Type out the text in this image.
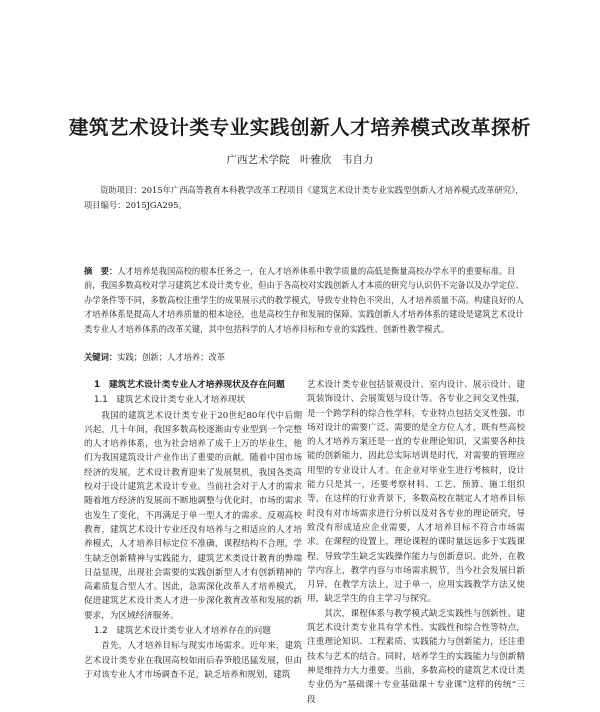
建筑艺术设计类专业实践创新人才培养模式改革探析
广西艺术学院　叶雅欣　韦自力
资助项目：2015年广西高等教育本科教学改革工程项目《建筑艺术设计类专业实践型创新人才培养模式改革研究》，项目编号：2015JGA295。
摘　要：人才培养是我国高校的根本任务之一，在人才培养体系中教学质量的高低是衡量高校办学水平的重要标准。目前，我国多数高校对学习建筑艺术设计类专业，但由于各高校对实践创新人才本质的研究与认识仍不完备以及办学定位、办学条件等不同，多数高校注重学生的成果展示式的教学模式，导致专业特色不突出，人才培养质量不高。构建良好的人才培养体系是提高人才培养质量的根本途径，也是高校生存和发展的保障。实践创新人才培养体系的建设是建筑艺术设计类专业人才培养体系的改革关键，其中包括科学的人才培养目标和专业的实践性、创新性教学模式。
关键词：实践；创新；人才培养；改革
1　建筑艺术设计类专业人才培养现状及存在问题
1.1　建筑艺术设计类专业人才培养现状

我国的建筑艺术设计类专业于20世纪80年代中后期兴起，几十年间，我国多数高校逐渐由专业型到一个完整的人才培养体系，也为社会培养了成千上万的毕业生，他们为我国建筑设计产业作出了重要的贡献。随着中国市场经济的发展，艺术设计教育迎来了发展契机，我国各类高校对于设计建筑艺术设计专业。当前社会对于人才的需求随着地方经济的发展而不断地调整与优化时，市场的需求也发生了变化，不再满足于单一型人才的需求。反观高校教育，建筑艺术设计专业还没有培养与之相适应的人才培养模式，人才培养目标定位不准确，课程结构不合理，学生缺乏创新精神与实践能力，建筑艺术类设计教育的弊端日益显现，出现社会需要的实践创新型人才有创新精神的高素质复合型人才。因此，急需深化改革人才培养模式，促进建筑艺术设计类人才进一步深化教育改革和发展的新要求，为区域经济服务。

1.2　建筑艺术设计类专业人才培养存在的问题

首先，人才培养目标与现实市场需求。近年来，建筑艺术设计类专业在我国高校如雨后春笋般迅猛发展，但由于对该专业人才市场调查不足，缺乏培养和规划，建筑

艺术设计类专业包括景观设计、室内设计、展示设计、建筑装饰设计、会展策划与设计等。各专业之间交叉性强，是一个跨学科的综合性学科，专业特点包括交叉性强、市场对设计的需要广泛、需要的是全方位人才，既有些高校的人才培养方案还是一直的专业理论知识，又需要各种技能的创新能力，因此总实际培训是时代，对需要的管理应用型的专业设计人才。在企业对毕业生进行考核时，设计能力只是其一，还要考察材料、工艺、预算、施工组织等，在这样的行业背景下，多数高校在制定人才培养目标时没有对市场需求进行分析以及对各专业的理论研究，导致没有形成适应企业需要，人才培养目标不符合市场需求。在课程的设置上，理论课程的课时量远远多于实践课程，导致学生缺乏实践操作能力与创新意识。此外，在教学内容上，教学内容与市场需求脱节，当今社会发展日新月异，在教学方法上，过于单一，应用实践教学方法又使用，缺乏学生的自主学习与探究。

其次，课程体系与教学模式缺乏实践性与创新性。建筑艺术设计类专业具有学术性、实践性和综合性等特点，注重理论知识、工程素质、实践能力与创新能力，还注重技术与艺术的结合。同时，培养学生的实践能力与创新精神是维持力大力重要。当前，多数高校的建筑艺术设计类专业仍为“基础课＋专业基础课＋专业课”这样的传统“三段
